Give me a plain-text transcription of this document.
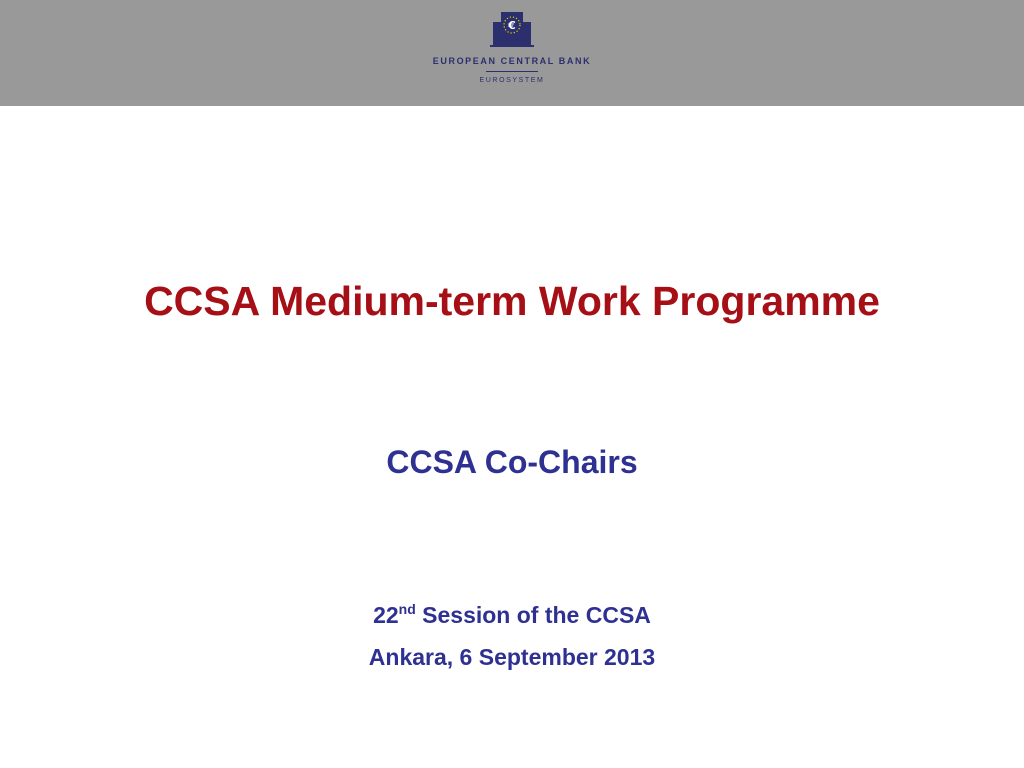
€
EUROPEAN CENTRAL BANK
EUROSYSTEM
CCSA Medium-term Work Programme
CCSA Co-Chairs
22nd Session of the CCSA
Ankara, 6 September 2013
